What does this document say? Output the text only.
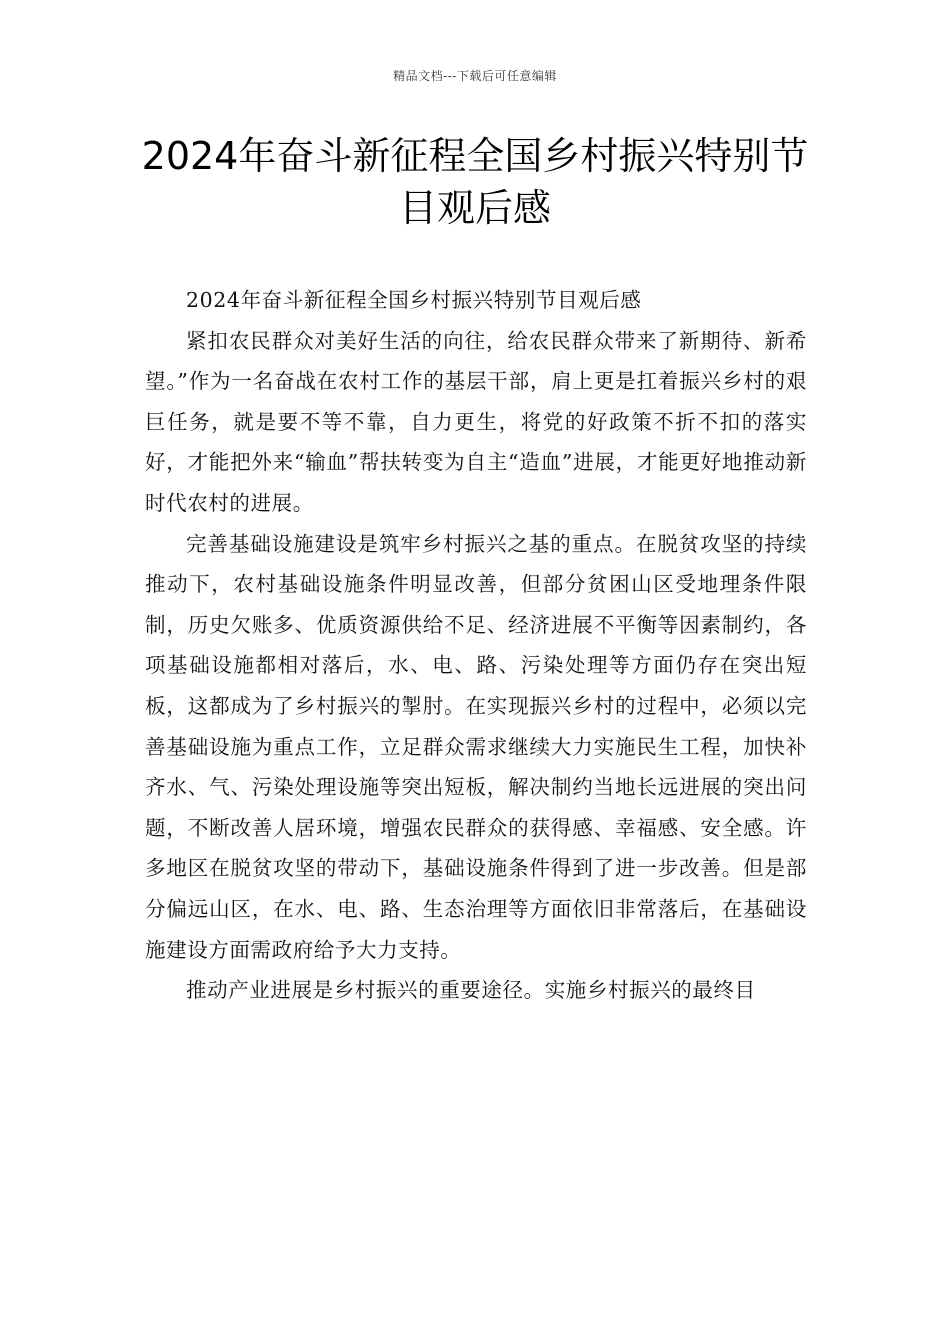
精品文档---下载后可任意编辑
2024年奋斗新征程全国乡村振兴特别节目观后感

2024年奋斗新征程全国乡村振兴特别节目观后感

紧扣农民群众对美好生活的向往，给农民群众带来了新期待、新希望。”作为一名奋战在农村工作的基层干部，肩上更是扛着振兴乡村的艰巨任务，就是要不等不靠，自力更生，将党的好政策不折不扣的落实好，才能把外来“输血”帮扶转变为自主“造血”进展，才能更好地推动新时代农村的进展。

完善基础设施建设是筑牢乡村振兴之基的重点。在脱贫攻坚的持续推动下，农村基础设施条件明显改善，但部分贫困山区受地理条件限制，历史欠账多、优质资源供给不足、经济进展不平衡等因素制约，各项基础设施都相对落后，水、电、路、污染处理等方面仍存在突出短板，这都成为了乡村振兴的掣肘。在实现振兴乡村的过程中，必须以完善基础设施为重点工作，立足群众需求继续大力实施民生工程，加快补齐水、气、污染处理设施等突出短板，解决制约当地长远进展的突出问题，不断改善人居环境，增强农民群众的获得感、幸福感、安全感。许多地区在脱贫攻坚的带动下，基础设施条件得到了进一步改善。但是部分偏远山区，在水、电、路、生态治理等方面依旧非常落后，在基础设施建设方面需政府给予大力支持。

推动产业进展是乡村振兴的重要途径。实施乡村振兴的最终目
